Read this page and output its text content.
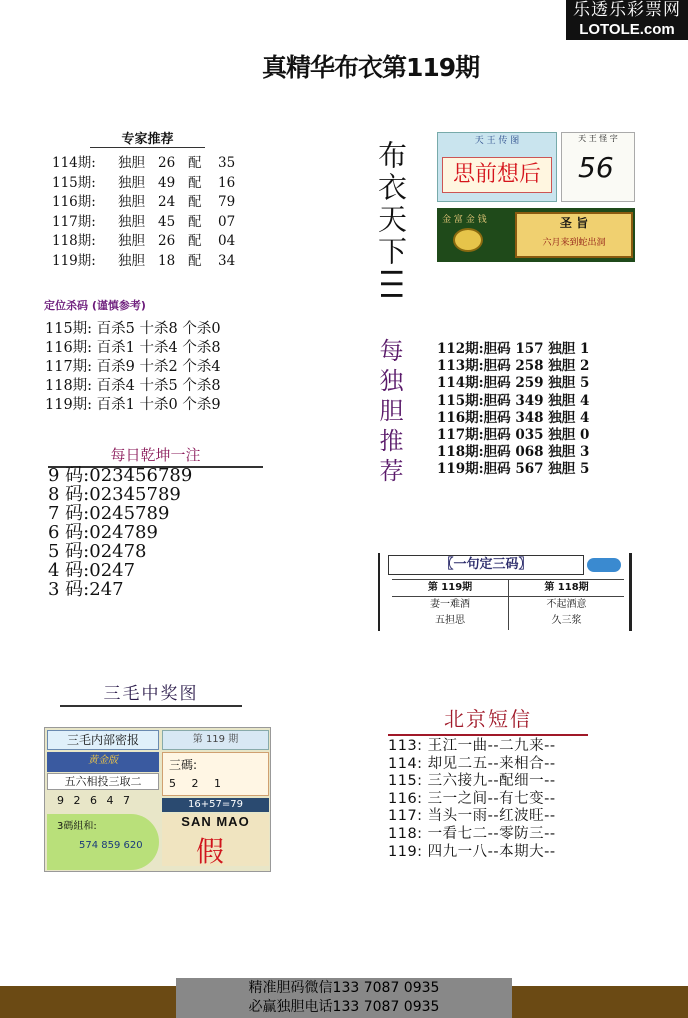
乐透乐彩票网
LOTOLE.com
真精华布衣第119期
专家推荐
114期: 独胆 26 配 35
115期: 独胆 49 配 16
116期: 独胆 24 配 79
117期: 独胆 45 配 07
118期: 独胆 26 配 04
119期: 独胆 18 配 34
定位杀码 (谨慎参考)
115期: 百杀5 十杀8 个杀0
116期: 百杀1 十杀4 个杀8
117期: 百杀9 十杀2 个杀4
118期: 百杀4 十杀5 个杀8
119期: 百杀1 十杀0 个杀9
每日乾坤一注
9 码:023456789
8 码:02345789
7 码:0245789
6 码:024789
5 码:02478
4 码:0247
3 码:247
布衣天下III
每独胆推荐
天 王 传 图
思前想后
天 王 怪 字
56
金 富 金 钱	圣 旨
六月来到蛇出洞
112期:胆码 157 独胆 1
113期:胆码 258 独胆 2
114期:胆码 259 独胆 5
115期:胆码 349 独胆 4
116期:胆码 348 独胆 4
117期:胆码 035 独胆 0
118期:胆码 068 独胆 3
119期:胆码 567 独胆 5
〖一句定三码〗
第 119期
妻一难酒
五担思
第 118期
不起酒意
久三浆
三毛中奖图
三毛内部密报
黄金版
五六相投三取二
9 2 6 4 7
3碼組和:
574 859 620
第 119 期
三碼:
5 2 1
16+57=79
SAN MAO
假
北京短信
113: 王江一曲--二九来--
114: 却见二五--来相合--
115: 三六接九--配细一--
116: 三一之间--有七变--
117: 当头一雨--红波旺--
118: 一看七二--零防三--
119: 四九一八--本期大--
精准胆码微信133 7087 0935
必赢独胆电话133 7087 0935
